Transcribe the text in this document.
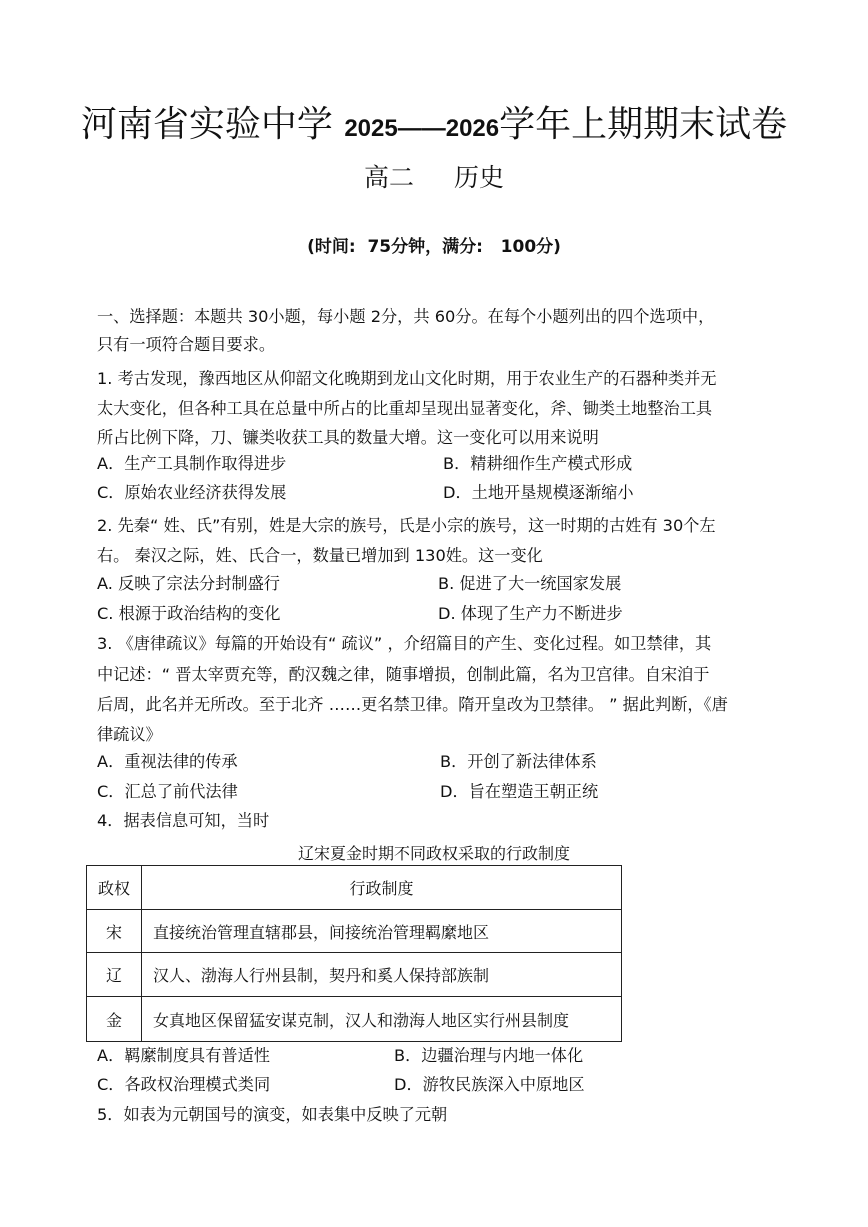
河南省实验中学 2025——2026学年上期期末试卷
高二  历史
(时间:  75分钟，满分:   100分)
一、选择题：本题共 30小题，每小题 2分，共 60分。在每个小题列出的四个选项中，
只有一项符合题目要求。
1. 考古发现，豫西地区从仰韶文化晚期到龙山文化时期，用于农业生产的石器种类并无
太大变化，但各种工具在总量中所占的比重却呈现出显著变化，斧、锄类土地整治工具
所占比例下降，刀、镰类收获工具的数量大增。这一变化可以用来说明
A．生产工具制作取得进步	B．精耕细作生产模式形成
C．原始农业经济获得发展	D．土地开垦规模逐渐缩小
2. 先秦“ 姓、氏”有别，姓是大宗的族号，氏是小宗的族号，这一时期的古姓有 30个左
右。 秦汉之际，姓、氏合一，数量已增加到 130姓。这一变化
A. 反映了宗法分封制盛行	B. 促进了大一统国家发展
C. 根源于政治结构的变化	D. 体现了生产力不断进步
3. 《唐律疏议》每篇的开始设有“ 疏议” ，介绍篇目的产生、变化过程。如卫禁律，其
中记述：“ 晋太宰贾充等，酌汉魏之律，随事增损，创制此篇，名为卫宫律。自宋洎于
后周，此名并无所改。至于北齐 ……更名禁卫律。隋开皇改为卫禁律。 ” 据此判断，《唐
律疏议》
A．重视法律的传承	B．开创了新法律体系
C．汇总了前代法律	D．旨在塑造王朝正统
4．据表信息可知，当时
辽宋夏金时期不同政权采取的行政制度
政权	行政制度
宋	直接统治管理直辖郡县，间接统治管理羁縻地区
辽	汉人、渤海人行州县制，契丹和奚人保持部族制
金	女真地区保留猛安谋克制，汉人和渤海人地区实行州县制度
A．羁縻制度具有普适性	B．边疆治理与内地一体化
C．各政权治理模式类同	D．游牧民族深入中原地区
5．如表为元朝国号的演变，如表集中反映了元朝
